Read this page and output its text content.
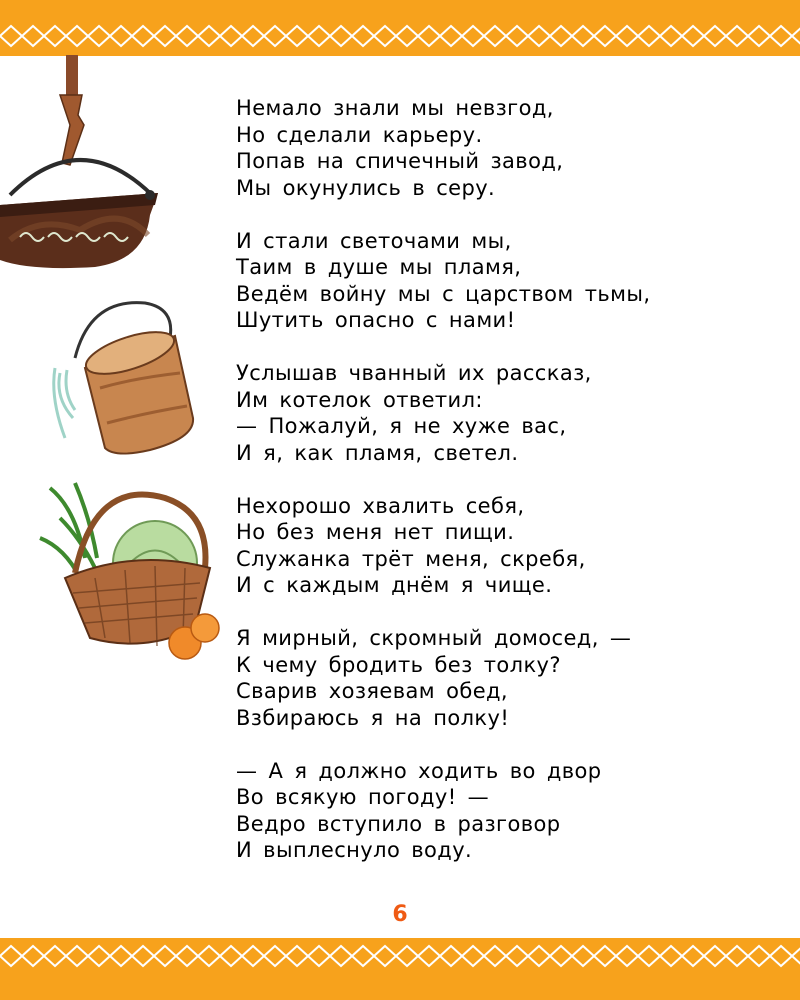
Немало знали мы невзгод,
Но сделали карьеру.
Попав на спичечный завод,
Мы окунулись в серу.
И стали светочами мы,
Таим в душе мы пламя,
Ведём войну мы с царством тьмы,
Шутить опасно с нами!
Услышав чванный их рассказ,
Им котелок ответил:
— Пожалуй, я не хуже вас,
И я, как пламя, светел.
Нехорошо хвалить себя,
Но без меня нет пищи.
Служанка трёт меня, скребя,
И с каждым днём я чище.
Я мирный, скромный домосед, —
К чему бродить без толку?
Сварив хозяевам обед,
Взбираюсь я на полку!
— А я должно ходить во двор
Во всякую погоду! —
Ведро вступило в разговор
И выплеснуло воду.
6
